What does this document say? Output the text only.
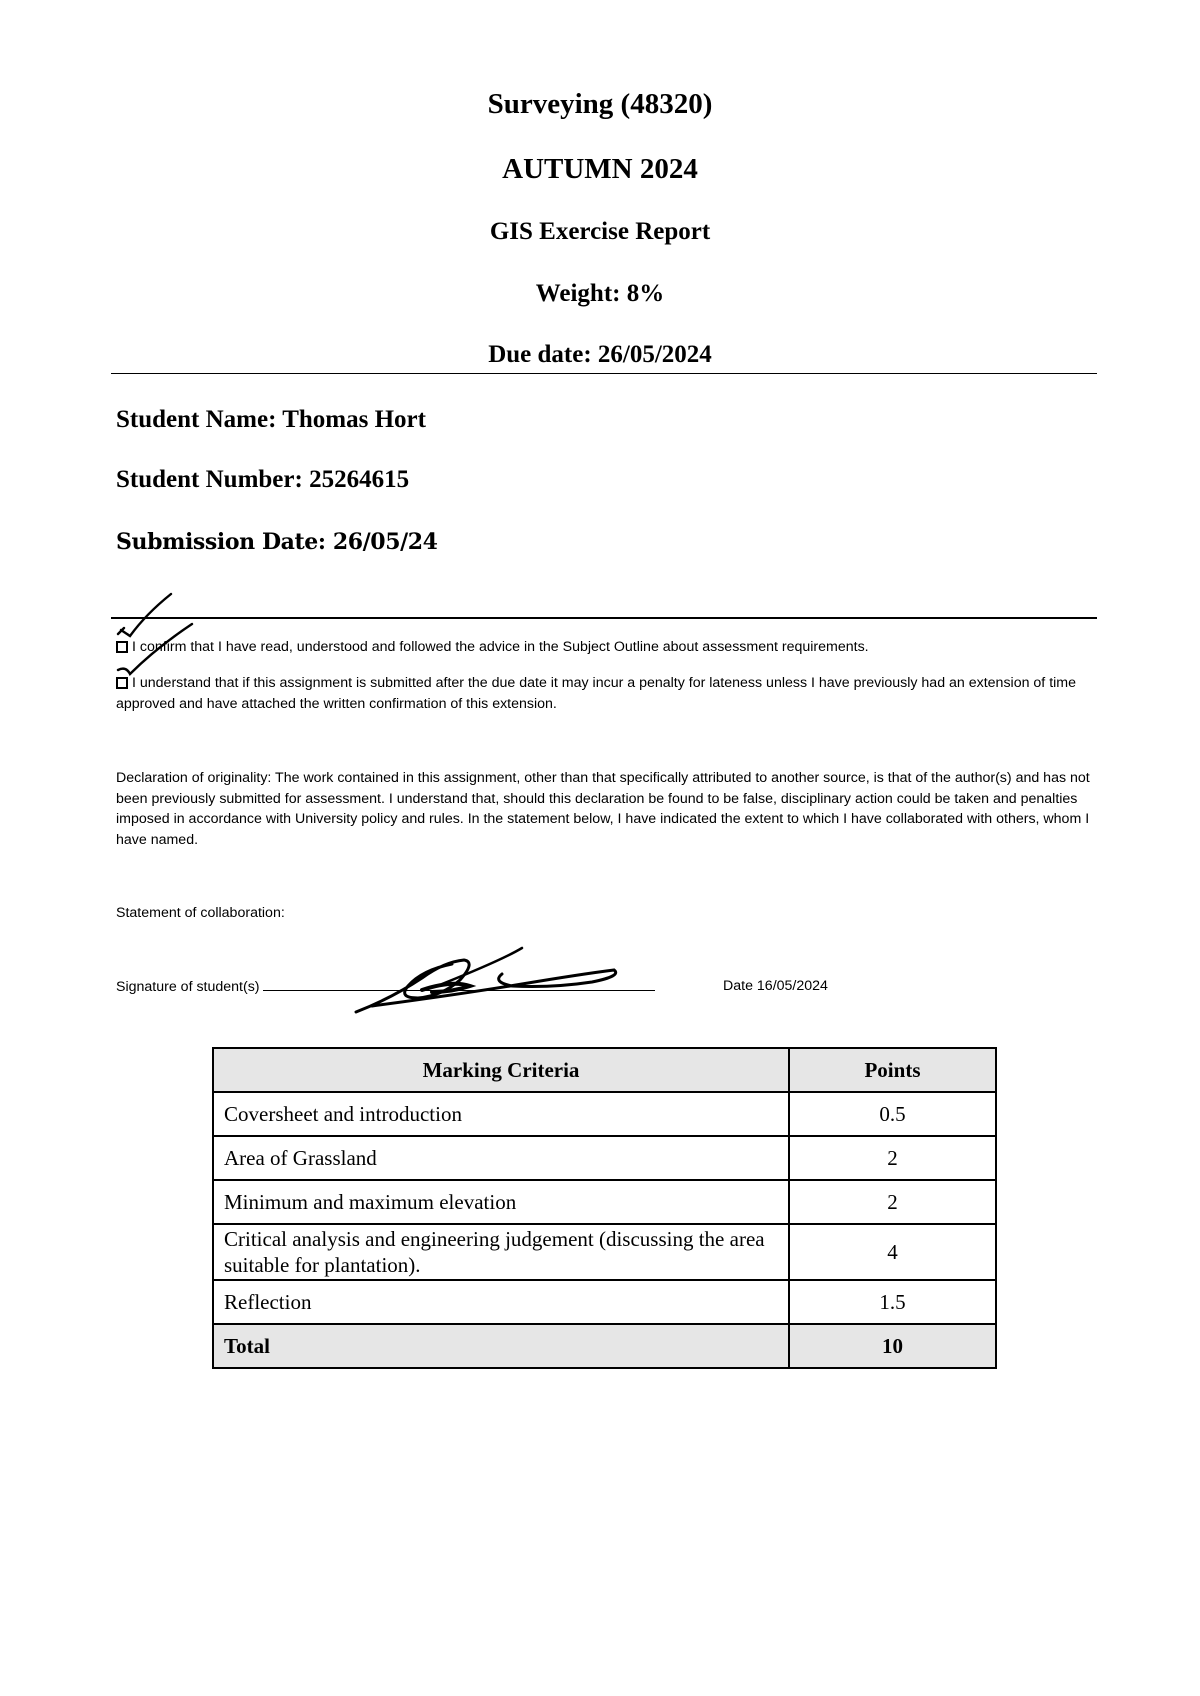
Surveying (48320)
AUTUMN 2024
GIS Exercise Report
Weight: 8%
Due date: 26/05/2024

Student Name: Thomas Hort

Student Number: 25264615

Submission Date: 26/05/24

I confirm that I have read, understood and followed the advice in the Subject Outline about assessment requirements.

I understand that if this assignment is submitted after the due date it may incur a penalty for lateness unless I have previously had an extension of time approved and have attached the written confirmation of this extension.

Declaration of originality: The work contained in this assignment, other than that specifically attributed to another source, is that of the author(s) and has not been previously submitted for assessment. I understand that, should this declaration be found to be false, disciplinary action could be taken and penalties imposed in accordance with University policy and rules. In the statement below, I have indicated the extent to which I have collaborated with others, whom I have named.

Statement of collaboration:

Signature of student(s)	Date 16/05/2024
Marking Criteria	Points
Coversheet and introduction	0.5
Area of Grassland	2
Minimum and maximum elevation	2
Critical analysis and engineering judgement (discussing the area suitable for plantation).	4
Reflection	1.5
Total	10
